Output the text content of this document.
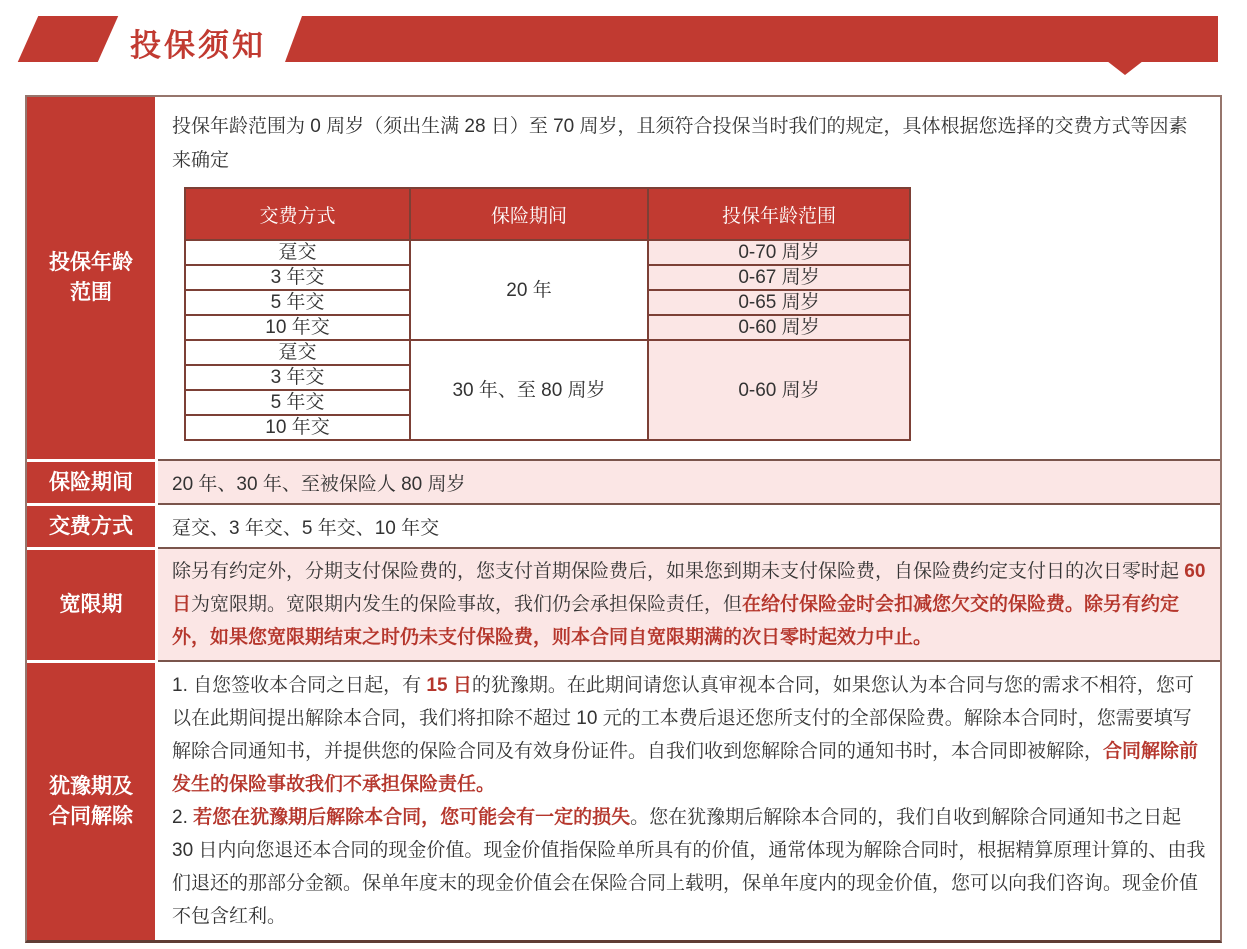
投保须知
投保年龄范围
投保年龄范围为 0 周岁（须出生满 28 日）至 70 周岁，且须符合投保当时我们的规定，具体根据您选择的交费方式等因素来确定
交费方式	保险期间	投保年龄范围
趸交	20 年	0-70 周岁
3 年交		0-67 周岁
5 年交		0-65 周岁
10 年交		0-60 周岁
趸交	30 年、至 80 周岁	0-60 周岁
3 年交		
5 年交		
10 年交		
保险期间	20 年、30 年、至被保险人 80 周岁
交费方式	趸交、3 年交、5 年交、10 年交
宽限期
除另有约定外，分期支付保险费的，您支付首期保险费后，如果您到期未支付保险费，自保险费约定支付日的次日零时起 60 日为宽限期。宽限期内发生的保险事故，我们仍会承担保险责任，但在给付保险金时会扣减您欠交的保险费。除另有约定外，如果您宽限期结束之时仍未支付保险费，则本合同自宽限期满的次日零时起效力中止。
犹豫期及合同解除

1. 自您签收本合同之日起，有 15 日的犹豫期。在此期间请您认真审视本合同，如果您认为本合同与您的需求不相符，您可以在此期间提出解除本合同，我们将扣除不超过 10 元的工本费后退还您所支付的全部保险费。解除本合同时，您需要填写解除合同通知书，并提供您的保险合同及有效身份证件。自我们收到您解除合同的通知书时，本合同即被解除，合同解除前发生的保险事故我们不承担保险责任。

2. 若您在犹豫期后解除本合同，您可能会有一定的损失。您在犹豫期后解除本合同的，我们自收到解除合同通知书之日起 30 日内向您退还本合同的现金价值。现金价值指保险单所具有的价值，通常体现为解除合同时，根据精算原理计算的、由我们退还的那部分金额。保单年度末的现金价值会在保险合同上载明，保单年度内的现金价值，您可以向我们咨询。现金价值不包含红利。
